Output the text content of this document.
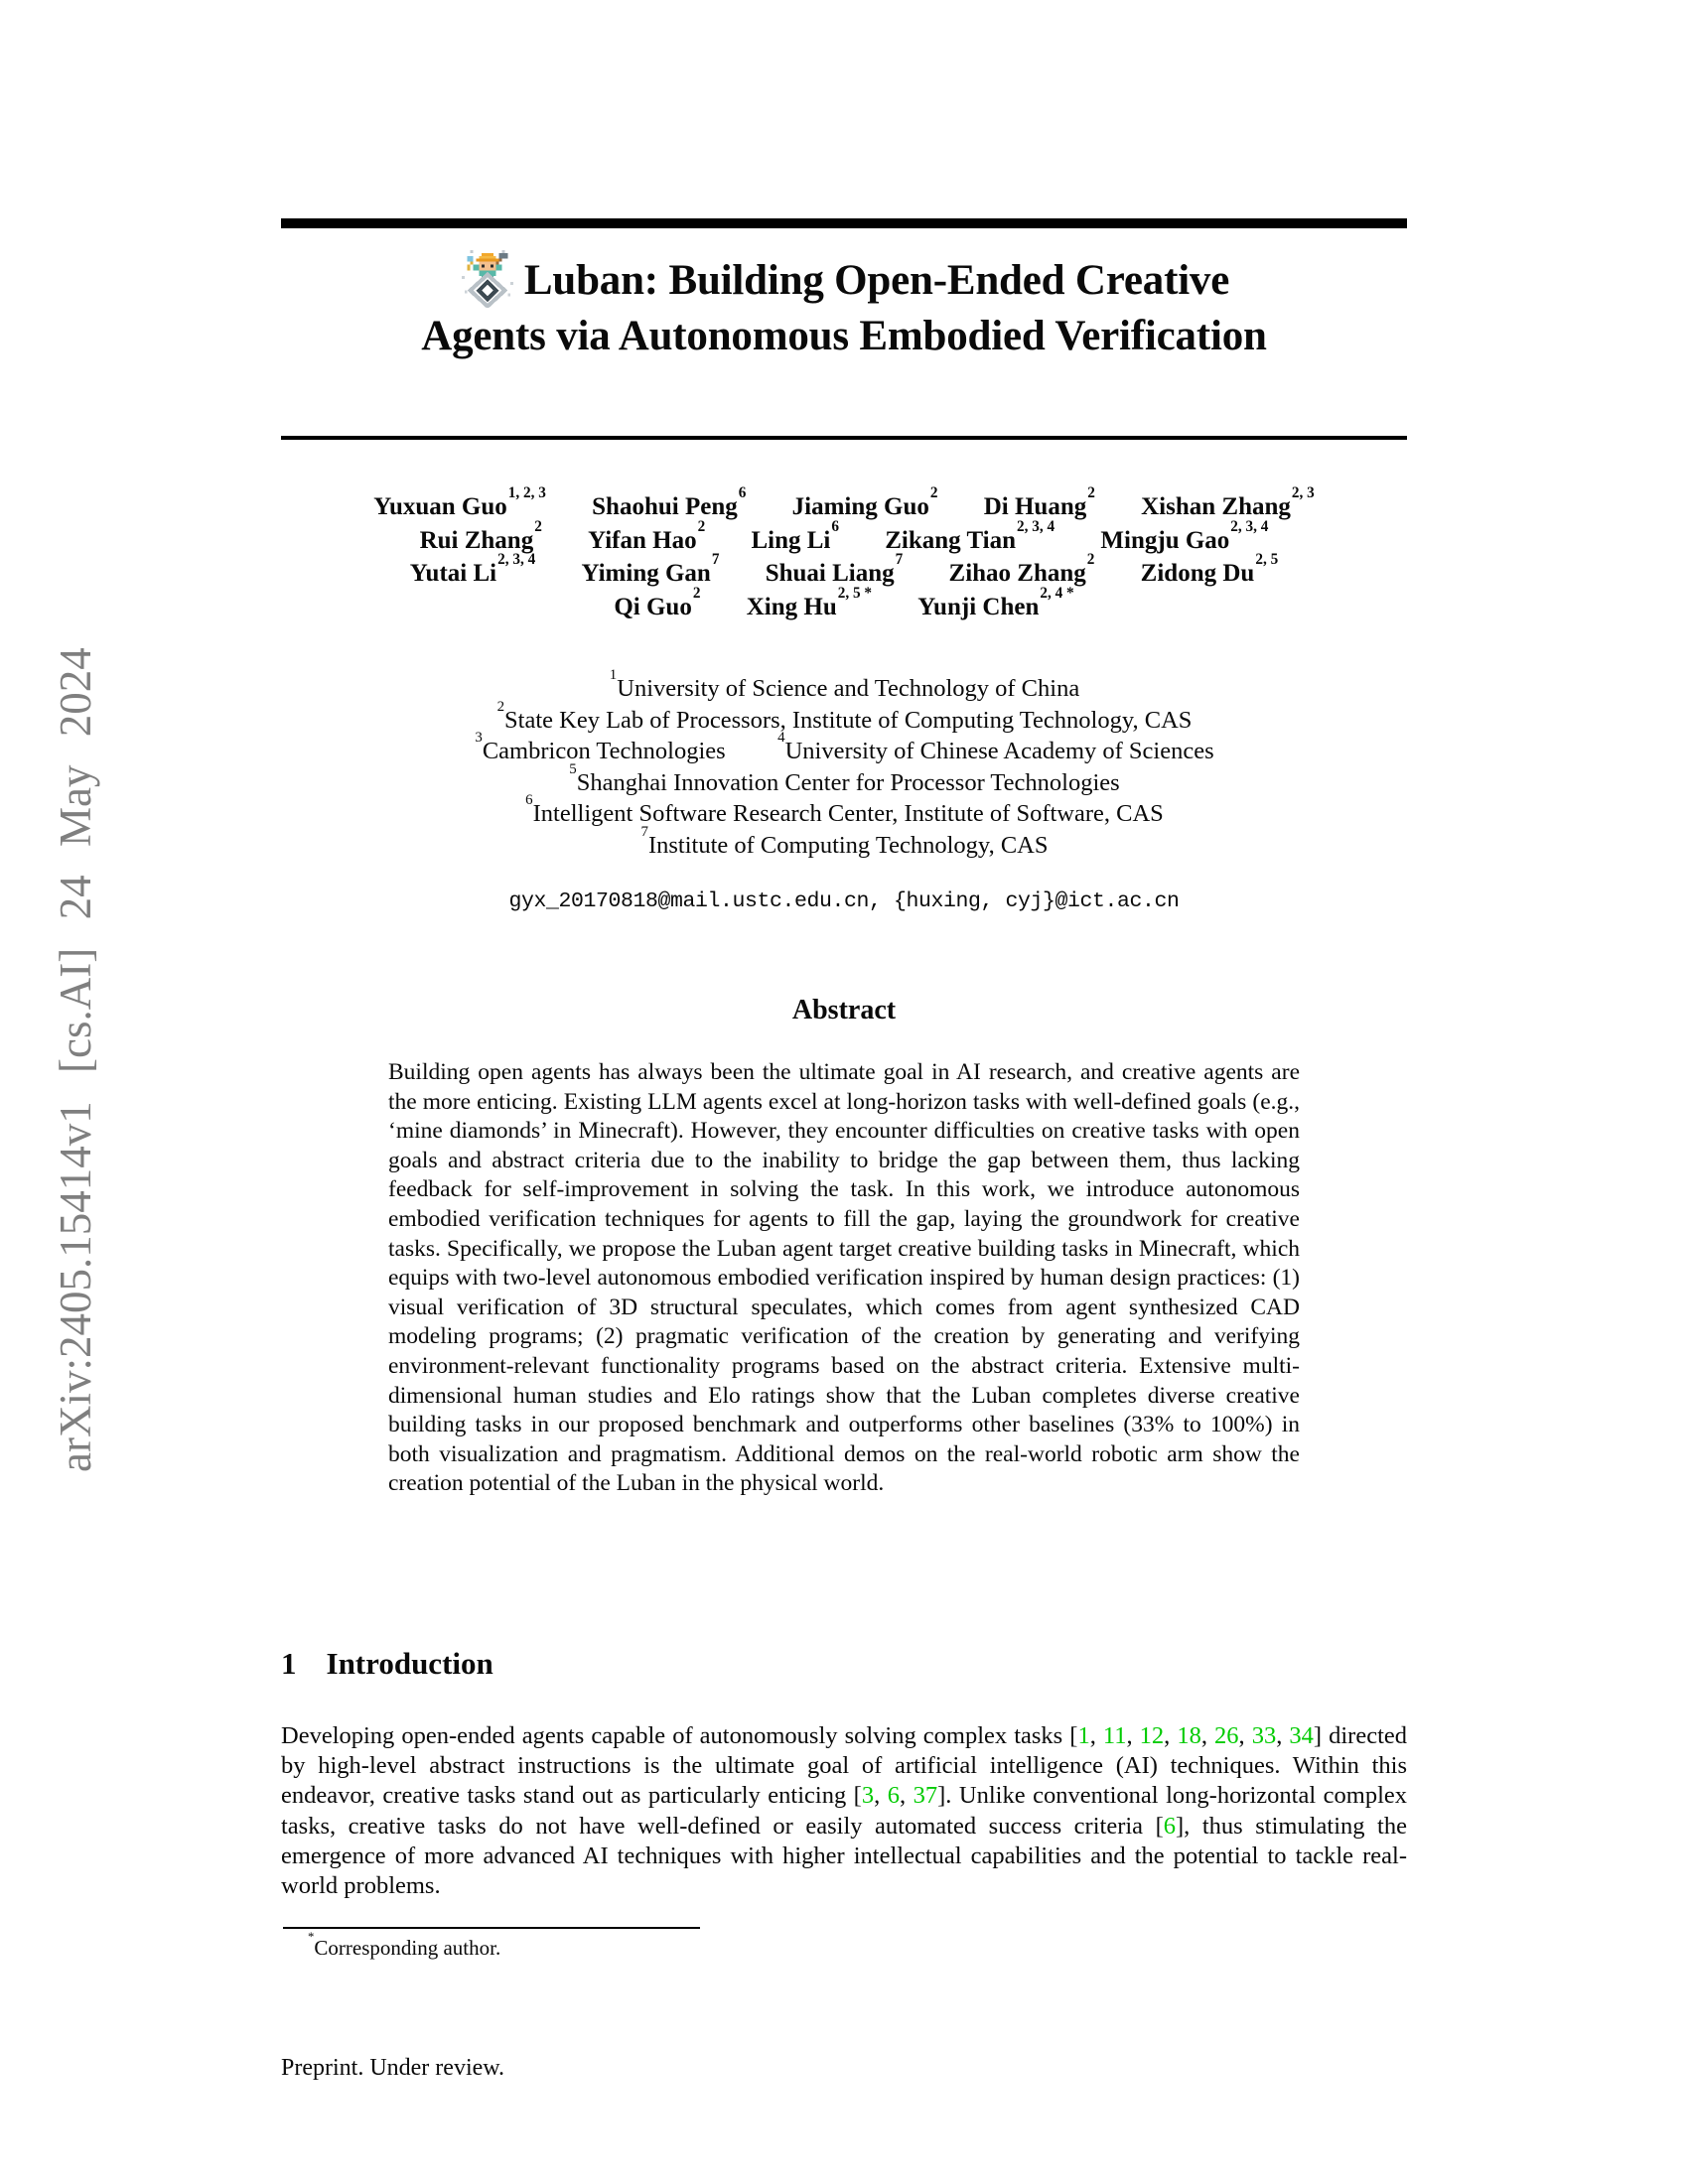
arXiv:2405.15414v1 [cs.AI] 24 May 2024
Luban: Building Open-Ended Creative
Agents via Autonomous Embodied Verification
Yuxuan Guo$^{1, 2, 3}$Shaohui Peng$^6$Jiaming Guo$^2$Di Huang$^2$Xishan Zhang$^{2, 3}$
Rui Zhang$^2$Yifan Hao$^2$Ling Li$^6$Zikang Tian$^{2, 3, 4}$Mingju Gao$^{2, 3, 4}$
Yutai Li$^{2, 3, 4}$Yiming Gan$^7$Shuai Liang$^7$Zihao Zhang$^2$Zidong Du$^{2, 5}$
Qi Guo$^2$Xing $Hu^{2, 5 *}Yunji$ Chen$^{2, 4 *}$
$^1$University of Science and Technology of China
$^2$State Key Lab of Processors, Institute of Computing Technology, CAS
$^3$Cambricon Technologies	$^4$University of Chinese Academy of Sciences
$^5$Shanghai Innovation Center for Processor Technologies
$^6$Intelligent Software Research Center, Institute of Software, CAS
$^7$Institute of Computing Technology, CAS
gyx_20170818@mail.ustc.edu.cn, {huxing, cyj}@ict.ac.cn
Abstract
Building open agents has always been the ultimate goal in AI research, and creative agents are the more enticing. Existing LLM agents excel at long-horizon tasks with well-defined goals (e.g., ‘mine diamonds’ in Minecraft). However, they encounter difficulties on creative tasks with open goals and abstract criteria due to the inability to bridge the gap between them, thus lacking feedback for self-improvement in solving the task. In this work, we introduce autonomous embodied verification techniques for agents to fill the gap, laying the groundwork for creative tasks. Specifically, we propose the Luban agent target creative building tasks in Minecraft, which equips with two-level autonomous embodied verification inspired by human design practices: (1) visual verification of 3D structural speculates, which comes from agent synthesized CAD modeling programs; (2) pragmatic verification of the creation by generating and verifying environment-relevant functionality programs based on the abstract criteria. Extensive multi-dimensional human studies and Elo ratings show that the Luban completes diverse creative building tasks in our proposed benchmark and outperforms other baselines (33% to 100%) in both visualization and pragmatism. Additional demos on the real-world robotic arm show the creation potential of the Luban in the physical world.
1 Introduction
Developing open-ended agents capable of autonomously solving complex tasks [1, 11, 12, 18, 26, 33, 34] directed by high-level abstract instructions is the ultimate goal of artificial intelligence (AI) techniques. Within this endeavor, creative tasks stand out as particularly enticing [3, 6, 37]. Unlike conventional long-horizontal complex tasks, creative tasks do not have well-defined or easily automated success criteria [6], thus stimulating the emergence of more advanced AI techniques with higher intellectual capabilities and the potential to tackle real-world problems.
*Corresponding author.
Preprint. Under review.
